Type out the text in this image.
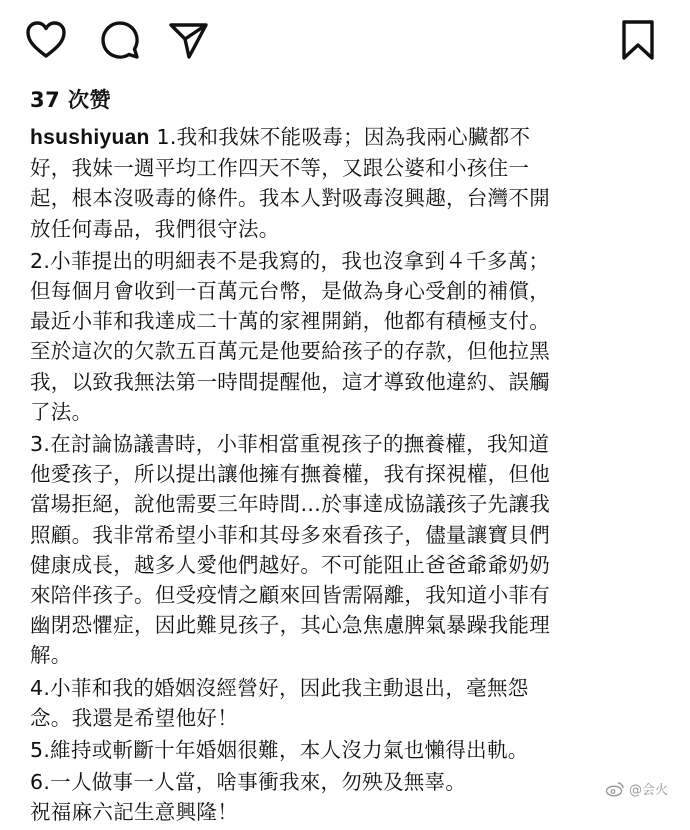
37 次赞

hsushiyuan 1.我和我妹不能吸毒；因為我兩心臟都不
好，我妹一週平均工作四天不等，又跟公婆和小孩住一
起，根本沒吸毒的條件。我本人對吸毒沒興趣，台灣不開
放任何毒品，我們很守法。

2.小菲提出的明細表不是我寫的，我也沒拿到４千多萬；
但每個月會收到一百萬元台幣，是做為身心受創的補償，
最近小菲和我達成二十萬的家裡開銷，他都有積極支付。
至於這次的欠款五百萬元是他要給孩子的存款，但他拉黑
我，以致我無法第一時間提醒他，這才導致他違約、誤觸
了法。

3.在討論協議書時，小菲相當重視孩子的撫養權，我知道
他愛孩子，所以提出讓他擁有撫養權，我有探視權，但他
當場拒絕，說他需要三年時間…於事達成協議孩子先讓我
照顧。我非常希望小菲和其母多來看孩子，儘量讓寶貝們
健康成長，越多人愛他們越好。不可能阻止爸爸爺爺奶奶
來陪伴孩子。但受疫情之顧來回皆需隔離，我知道小菲有
幽閉恐懼症，因此難見孩子，其心急焦慮脾氣暴躁我能理
解。

4.小菲和我的婚姻沒經營好，因此我主動退出，毫無怨
念。我還是希望他好！

5.維持或斬斷十年婚姻很難，本人沒力氣也懶得出軌。

6.一人做事一人當，啥事衝我來，勿殃及無辜。
祝福麻六記生意興隆！

@会火
